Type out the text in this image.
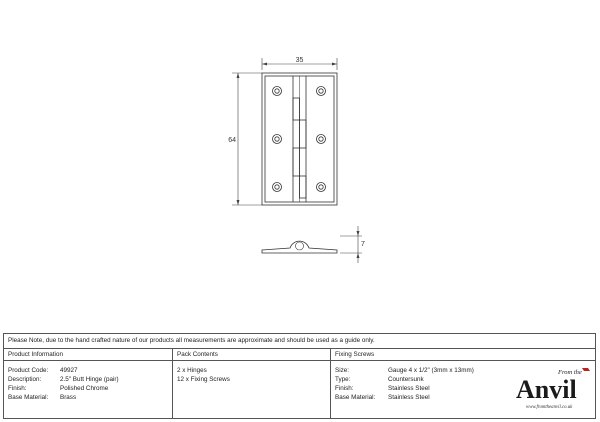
35
64
7
Please Note, due to the hand crafted nature of our products all measurements are approximate and should be used as a guide only.
Product Information
Product Code: 49927
Description:	2.5" Butt Hinge (pair)
Finish:	Polished Chrome
Base Material: Brass
Pack Contents
2 x Hinges
12 x Fixing Screws
Fixing Screws
Size:	Gauge 4 x 1/2" (3mm x 13mm)
Type:	Countersunk
Finish:	Stainless Steel
Base Material: Stainless Steel
From the
Anvil
www.fromtheanvil.co.uk
